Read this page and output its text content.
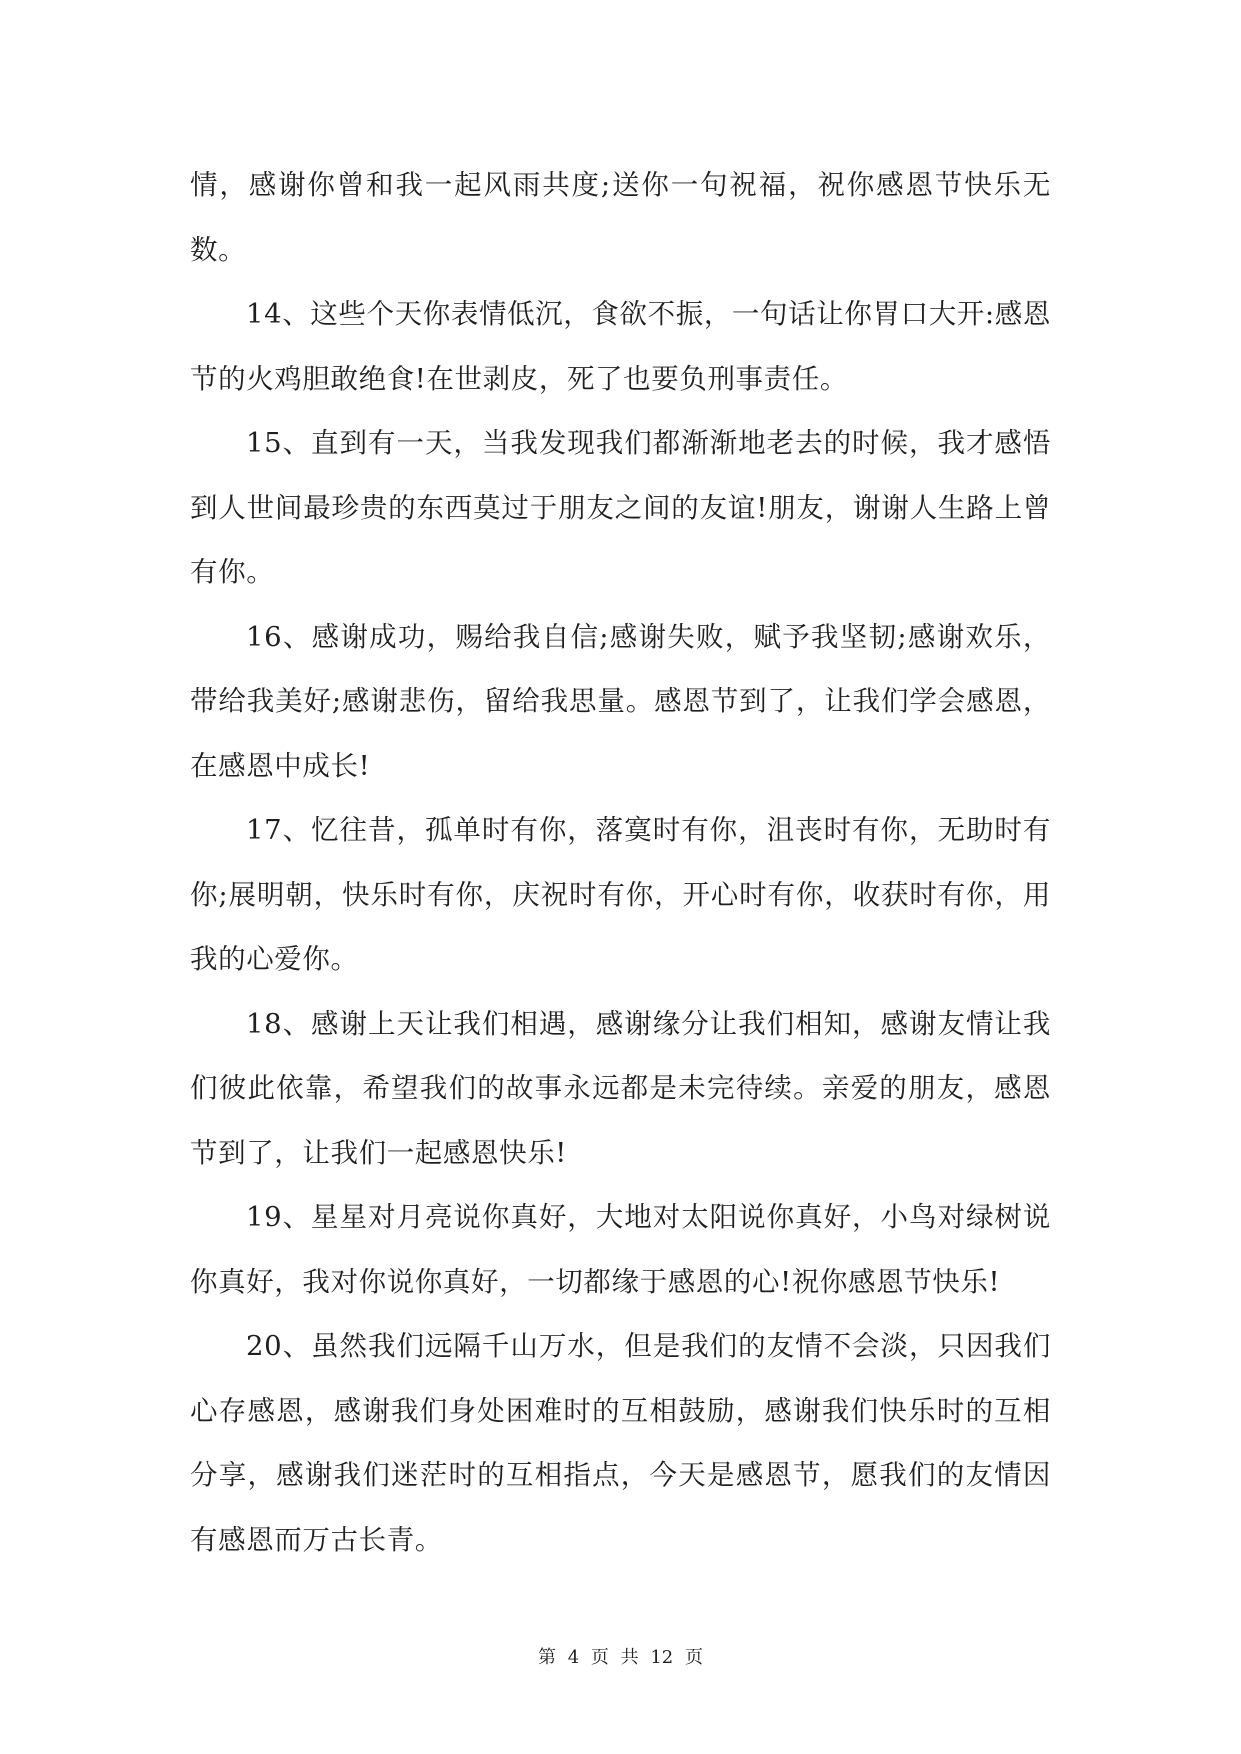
情，感谢你曾和我一起风雨共度;送你一句祝福，祝你感恩节快乐无数。

14、这些个天你表情低沉，食欲不振，一句话让你胃口大开:感恩节的火鸡胆敢绝食!在世剥皮，死了也要负刑事责任。

15、直到有一天，当我发现我们都渐渐地老去的时候，我才感悟到人世间最珍贵的东西莫过于朋友之间的友谊!朋友，谢谢人生路上曾有你。

16、感谢成功，赐给我自信;感谢失败，赋予我坚韧;感谢欢乐，带给我美好;感谢悲伤，留给我思量。感恩节到了，让我们学会感恩，在感恩中成长!

17、忆往昔，孤单时有你，落寞时有你，沮丧时有你，无助时有你;展明朝，快乐时有你，庆祝时有你，开心时有你，收获时有你，用我的心爱你。

18、感谢上天让我们相遇，感谢缘分让我们相知，感谢友情让我们彼此依靠，希望我们的故事永远都是未完待续。亲爱的朋友，感恩节到了，让我们一起感恩快乐!

19、星星对月亮说你真好，大地对太阳说你真好，小鸟对绿树说你真好，我对你说你真好，一切都缘于感恩的心!祝你感恩节快乐!

20、虽然我们远隔千山万水，但是我们的友情不会淡，只因我们心存感恩，感谢我们身处困难时的互相鼓励，感谢我们快乐时的互相分享，感谢我们迷茫时的互相指点，今天是感恩节，愿我们的友情因有感恩而万古长青。

第 4 页 共 12 页
